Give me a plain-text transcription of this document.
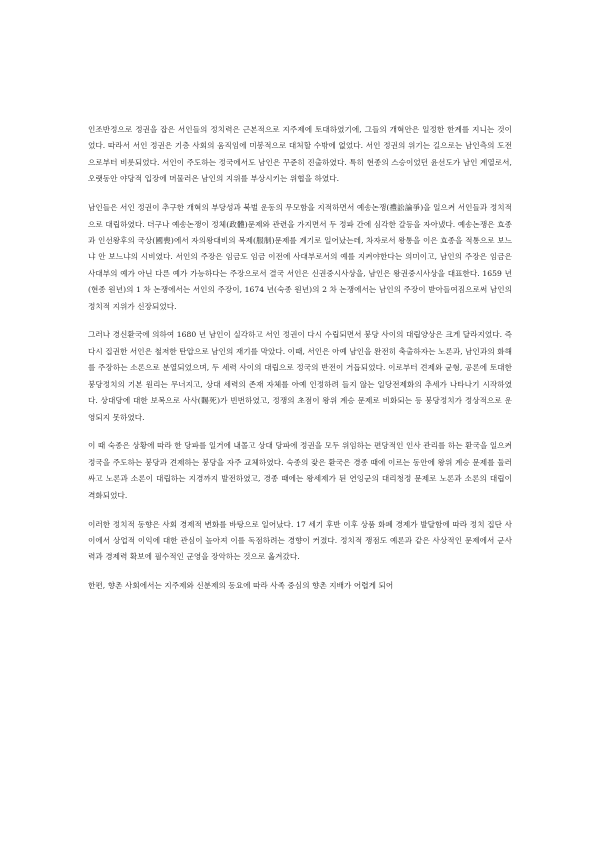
인조반정으로 정권을 잡은 서인들의 정치력은 근본적으로 지주제에 토대하였기에, 그들의 개혁안은 일정한 한계를 지니는 것이었다. 따라서 서인 정권은 기층 사회의 움직임에 미봉적으로 대처할 수밖에 없었다. 서인 정권의 위기는 길으로는 남인측의 도전으로부터 비롯되었다. 서인이 주도하는 정국에서도 남인은 꾸준히 진출하였다. 특히 현종의 스승이었던 윤선도가 남인 계열로서, 오랫동안 야당적 입장에 머물러온 남인의 지위를 부상시키는 위협을 하였다.

남인들은 서인 정권이 추구한 개혁의 부당성과 북벌 운동의 무모함을 지적하면서 예송논쟁(禮訟論爭)을 일으켜 서인들과 정치적으로 대립하였다. 더구나 예송논쟁이 정체(政體)문제와 관련을 가지면서 두 정파 간에 심각한 갈등을 자아냈다. 예송논쟁은 효종과 인선왕후의 국상(國喪)에서 자의왕대비의 복제(服制)문제를 계기로 일어났는데, 차자로서 왕통을 이은 효종을 적통으로 보느냐 안 보느냐의 시비였다. 서인의 주장은 임금도 임금 이전에 사대부로서의 예를 지켜야한다는 의미이고, 남인의 주장은 임금은 사대부의 예가 아닌 다른 예가 가능하다는 주장으로서 결국 서인은 신권중시사상을, 남인은 왕권중시사상을 대표한다. 1659 년(현종 원년)의 1 차 논쟁에서는 서인의 주장이, 1674 년(숙종 원년)의 2 차 논쟁에서는 남인의 주장이 받아들여짐으로써 남인의 정치적 지위가 신장되었다.

그러나 경신환국에 의하여 1680 년 남인이 실각하고 서인 정권이 다시 수립되면서 붕당 사이의 대립양상은 크게 달라지었다. 즉 다시 집권한 서인은 철저한 탄압으로 남인의 재기를 막았다. 이때, 서인은 아예 남인을 완전히 축출하자는 노론과, 남인과의 화해를 주장하는 소론으로 분열되었으며, 두 세력 사이의 대립으로 정국의 반전이 거듭되었다. 이로부터 견제와 균형, 공론에 토대한 붕당정치의 기본 원리는 무너지고, 상대 세력의 존재 자체를 아예 인정하려 들지 않는 일당전제화의 추세가 나타나기 시작하였다. 상대당에 대한 보복으로 사사(賜死)가 빈번하였고, 정쟁의 초점이 왕위 계승 문제로 비화되는 등 붕당정치가 정상적으로 운영되지 못하였다.

이 때 숙종은 상황에 따라 한 당파를 일거에 내몰고 상대 당파에 정권을 모두 위임하는 편당적인 인사 관리를 하는 환국을 일으켜 정국을 주도하는 붕당과 견제하는 붕당을 자주 교체하였다. 숙종의 잦은 환국은 경종 때에 이르는 동안에 왕위 계승 문제를 둘러싸고 노론과 소론이 대립하는 지경까지 발전하였고, 경종 때에는 왕세제가 된 연잉군의 대리청정 문제로 노론과 소론의 대립이 격화되었다.

이러한 정치적 동향은 사회 경제적 변화를 바탕으로 일어났다. 17 세기 후반 이후 상품 화폐 경제가 발달함에 따라 정치 집단 사이에서 상업적 이익에 대한 관심이 높아져 이를 독점하려는 경향이 커졌다. 정치적 쟁점도 예론과 같은 사상적인 문제에서 군사력과 경제력 확보에 필수적인 군영을 장악하는 것으로 옮겨갔다.

한편, 향촌 사회에서는 지주제와 신분제의 동요에 따라 사족 중심의 향촌 지배가 어렵게 되어
